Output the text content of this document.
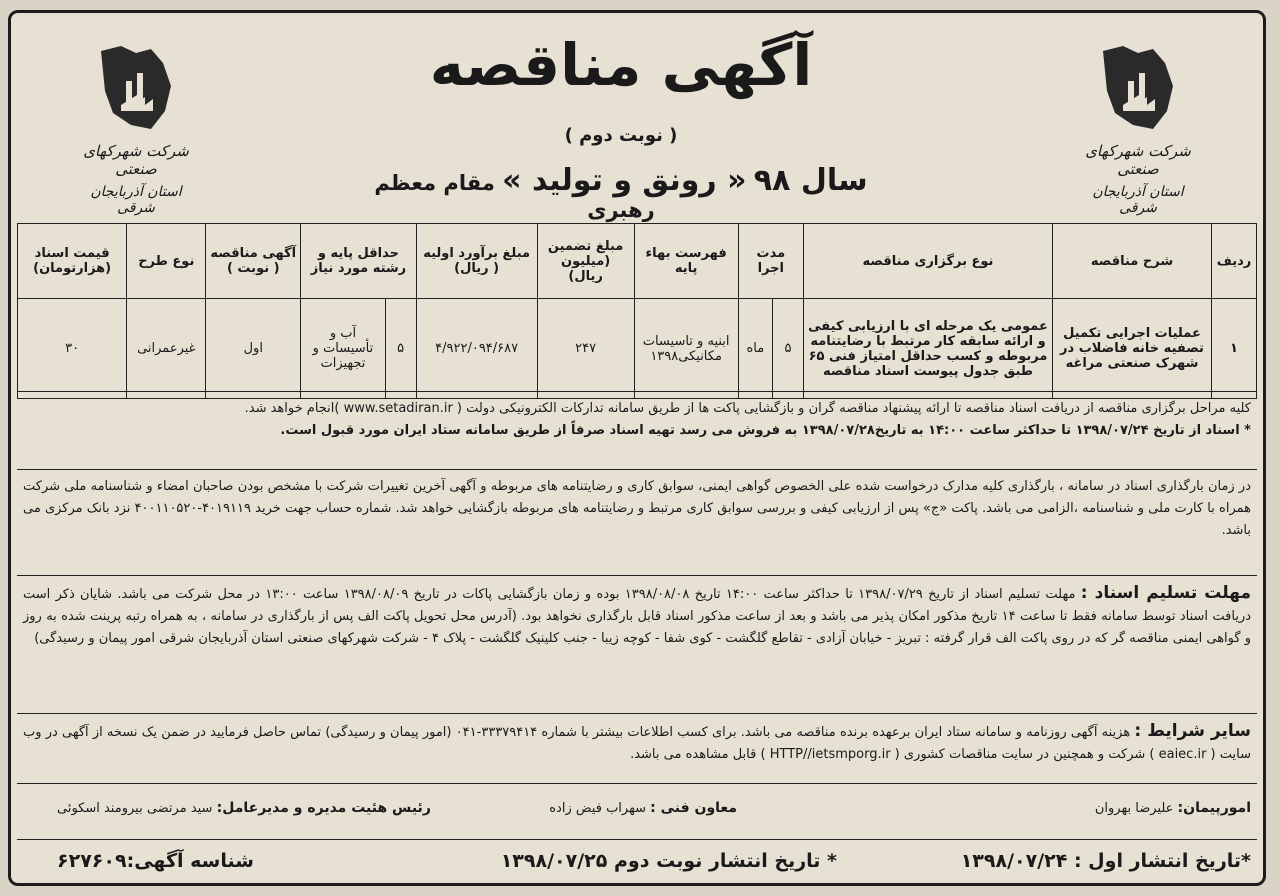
شرکت شهرکهای صنعتی
استان آذربایجان شرقی
آگهی مناقصه
( نوبت دوم )
سال ۹۸ « رونق و تولید » مقام معظم رهبری
شرکت شهرکهای صنعتی
استان آذربایجان شرقی
ردیف	شرح مناقصه	نوع برگزاری مناقصه	مدت اجرا		فهرست بهاء پایه	مبلغ تضمین (میلیون ریال)	مبلغ برآورد اولیه ( ریال)	حداقل پایه و رشته مورد نیاز		آگهی مناقصه ( نوبت )	نوع طرح	قیمت اسناد (هزارتومان)
۱	عملیات اجرایی تکمیل تصفیه خانه فاضلاب در شهرک صنعتی مراغه	عمومی یک مرحله ای با ارزیابی کیفی و ارائه سابقه کار مرتبط با رضایتنامه مربوطه و کسب حداقل امتیاز فنی ۶۵ طبق جدول پیوست اسناد مناقصه	۵	ماه	ابنیه و تاسیسات مکانیکی۱۳۹۸	۲۴۷	۴/۹۲۲/۰۹۴/۶۸۷	۵	آب و تأسیسات و تجهیزات	اول	غیرعمرانی	۳۰

کلیه مراحل برگزاری مناقصه از دریافت اسناد مناقصه تا ارائه پیشنهاد مناقصه گران و بازگشایی پاکت ها از طریق سامانه تدارکات الکترونیکی دولت ( www.setadiran.ir )انجام خواهد شد.

* اسناد از تاریخ ۱۳۹۸/۰۷/۲۴ تا حداکثر ساعت ۱۴:۰۰ به تاریخ۱۳۹۸/۰۷/۲۸ به فروش می رسد تهیه اسناد صرفاً از طریق سامانه ستاد ایران مورد قبول است.

در زمان بارگذاری اسناد در سامانه ، بارگذاری کلیه مدارک درخواست شده علی الخصوص گواهی ایمنی، سوابق کاری و رضایتنامه های مربوطه و آگهی آخرین تغییرات شرکت با مشخص بودن صاحبان امضاء و شناسنامه ملی شرکت همراه با کارت ملی و شناسنامه ،الزامی می باشد. پاکت «ج» پس از ارزیابی کیفی و بررسی سوابق کاری مرتبط و رضایتنامه های مربوطه بازگشایی خواهد شد. شماره حساب جهت خرید ۴۰۱۹۱۱۹-۴۰۰۱۱۰۵۲۰ نزد بانک مرکزی می باشد.

مهلت تسلیم اسناد : مهلت تسلیم اسناد از تاریخ ۱۳۹۸/۰۷/۲۹ تا حداکثر ساعت ۱۴:۰۰ تاریخ ۱۳۹۸/۰۸/۰۸ بوده و زمان بازگشایی پاکات در تاریخ ۱۳۹۸/۰۸/۰۹ ساعت ۱۳:۰۰ در محل شرکت می باشد. شایان ذکر است دریافت اسناد توسط سامانه فقط تا ساعت ۱۴ تاریخ مذکور امکان پذیر می باشد و بعد از ساعت مذکور اسناد قابل بارگذاری نخواهد بود. (آدرس محل تحویل پاکت الف پس از بارگذاری در سامانه ، به همراه رتبه پرینت شده به روز و گواهی ایمنی مناقصه گر که در روی پاکت الف قرار گرفته : تبریز - خیابان آزادی - تقاطع گلگشت - کوی شفا - کوچه زیبا - جنب کلینیک گلگشت - پلاک ۴ - شرکت شهرکهای صنعتی استان آذربایجان شرقی امور پیمان و رسیدگی)

سایر شرایط : هزینه آگهی روزنامه و سامانه ستاد ایران برعهده برنده مناقصه می باشد. برای کسب اطلاعات بیشتر با شماره ۳۳۳۷۹۴۱۴-۰۴۱ (امور پیمان و رسیدگی) تماس حاصل فرمایید در ضمن یک نسخه از آگهی در وب سایت ( eaiec.ir ) شرکت و همچنین در سایت مناقصات کشوری ( HTTP//ietsmporg.ir ) قابل مشاهده می باشد.

امورپیمان: علیرضا بهروان
معاون فنی : سهراب فیض زاده
رئیس هئیت مدیره و مدیرعامل: سید مرتضی بیرومند اسکوئی
*تاریخ انتشار اول : ۱۳۹۸/۰۷/۲۴
* تاریخ انتشار نوبت دوم ۱۳۹۸/۰۷/۲۵
شناسه آگهی:۶۲۷۶۰۹
